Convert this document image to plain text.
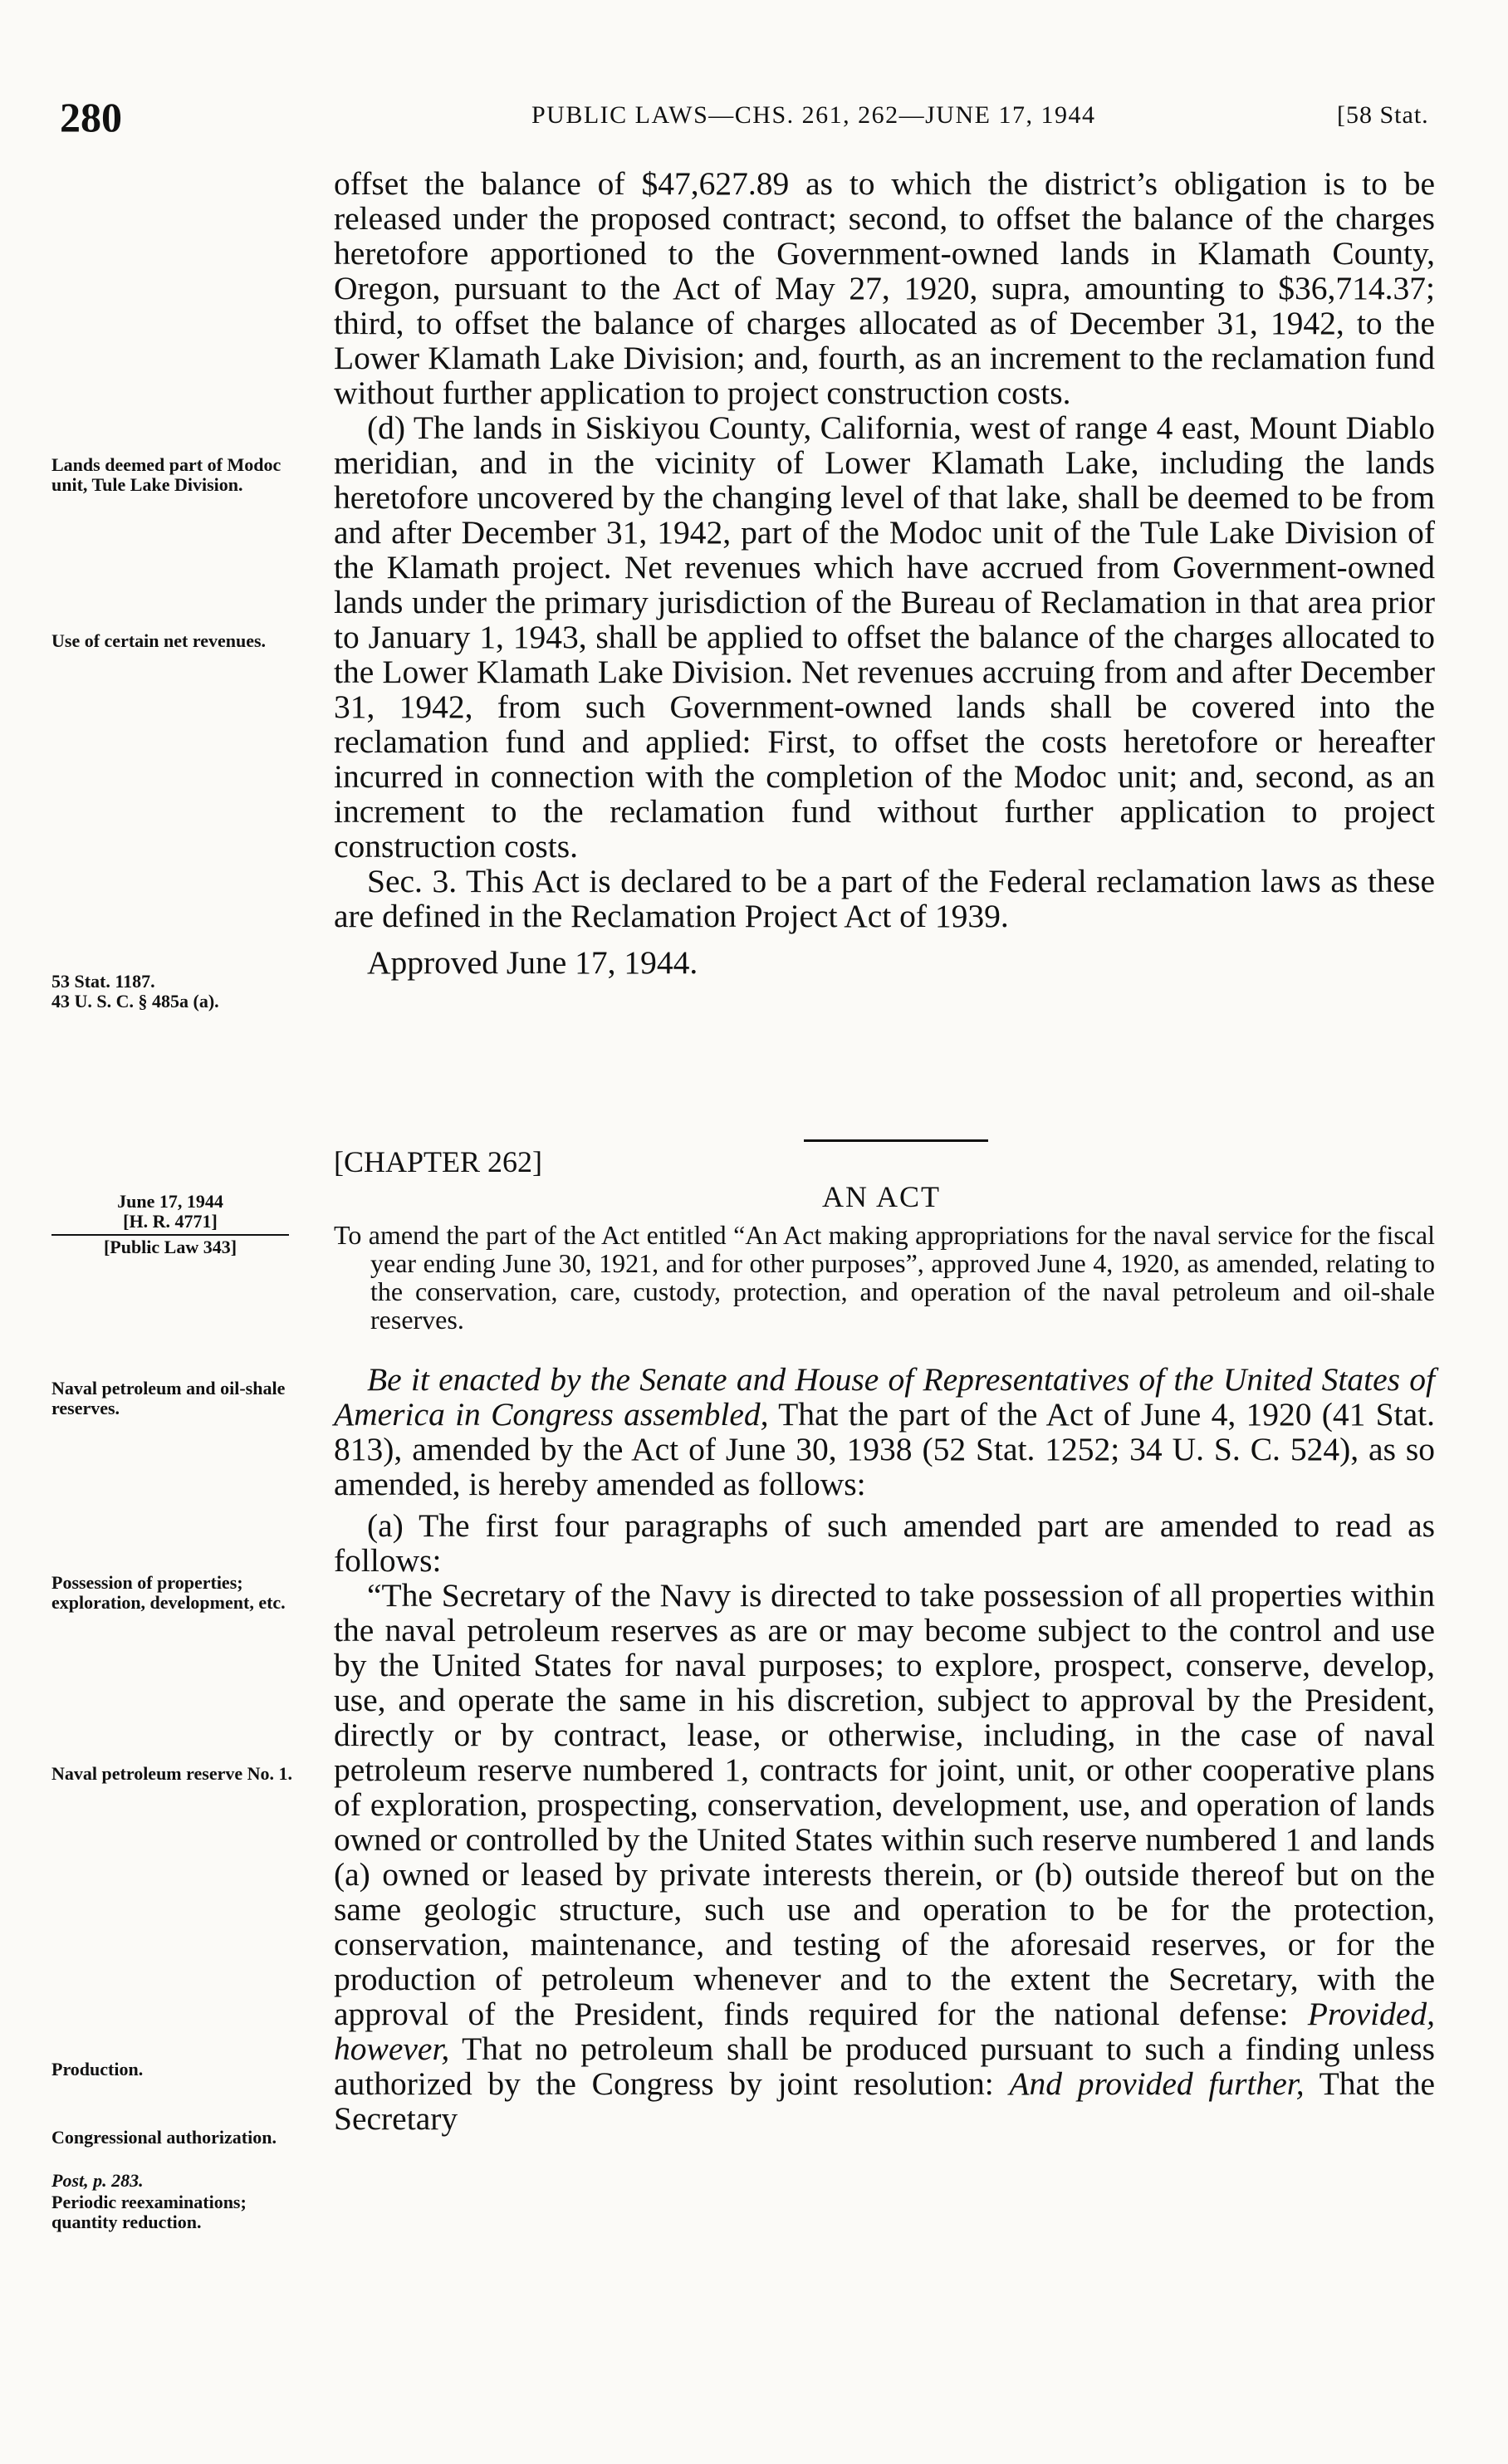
280	PUBLIC LAWS—CHS. 261, 262—JUNE 17, 1944	[58 Stat.

offset the balance of $47,627.89 as to which the district’s obligation is to be released under the proposed contract; second, to offset the balance of the charges heretofore apportioned to the Government-owned lands in Klamath County, Oregon, pursuant to the Act of May 27, 1920, supra, amounting to $36,714.37; third, to offset the balance of charges allocated as of December 31, 1942, to the Lower Klamath Lake Division; and, fourth, as an increment to the reclamation fund without further application to project construction costs.

(d) The lands in Siskiyou County, California, west of range 4 east, Mount Diablo meridian, and in the vicinity of Lower Klamath Lake, including the lands heretofore uncovered by the changing level of that lake, shall be deemed to be from and after December 31, 1942, part of the Modoc unit of the Tule Lake Division of the Klamath project. Net revenues which have accrued from Government-owned lands under the primary jurisdiction of the Bureau of Reclamation in that area prior to January 1, 1943, shall be applied to offset the balance of the charges allocated to the Lower Klamath Lake Division. Net revenues accruing from and after December 31, 1942, from such Government-owned lands shall be covered into the reclamation fund and applied: First, to offset the costs heretofore or hereafter incurred in connection with the completion of the Modoc unit; and, second, as an increment to the reclamation fund without further application to project construction costs.

Sec. 3. This Act is declared to be a part of the Federal reclamation laws as these are defined in the Reclamation Project Act of 1939.

Approved June 17, 1944.

Lands deemed part of Modoc unit, Tule Lake Division.
Use of certain net revenues.
53 Stat. 1187.
43 U. S. C. § 485a (a).
[CHAPTER 262]
AN ACT
June 17, 1944
[H. R. 4771]
[Public Law 343]	To amend the part of the Act entitled “An Act making appropriations for the naval service for the fiscal year ending June 30, 1921, and for other purposes”, approved June 4, 1920, as amended, relating to the conservation, care, custody, protection, and operation of the naval petroleum and oil-shale reserves.

Be it enacted by the Senate and House of Representatives of the United States of America in Congress assembled, That the part of the Act of June 4, 1920 (41 Stat. 813), amended by the Act of June 30, 1938 (52 Stat. 1252; 34 U. S. C. 524), as so amended, is hereby amended as follows:

(a) The first four paragraphs of such amended part are amended to read as follows:

“The Secretary of the Navy is directed to take possession of all properties within the naval petroleum reserves as are or may become subject to the control and use by the United States for naval purposes; to explore, prospect, conserve, develop, use, and operate the same in his discretion, subject to approval by the President, directly or by contract, lease, or otherwise, including, in the case of naval petroleum reserve numbered 1, contracts for joint, unit, or other cooperative plans of exploration, prospecting, conservation, development, use, and operation of lands owned or controlled by the United States within such reserve numbered 1 and lands (a) owned or leased by private interests therein, or (b) outside thereof but on the same geologic structure, such use and operation to be for the protection, conservation, maintenance, and testing of the aforesaid reserves, or for the production of petroleum whenever and to the extent the Secretary, with the approval of the President, finds required for the national defense: Provided, however, That no petroleum shall be produced pursuant to such a finding unless authorized by the Congress by joint resolution: And provided further, That the Secretary

Naval petroleum and oil-shale reserves.
Possession of properties; exploration, development, etc.
Naval petroleum reserve No. 1.
Production.
Congressional authorization.
Post, p. 283.
Periodic reexaminations; quantity reduction.
